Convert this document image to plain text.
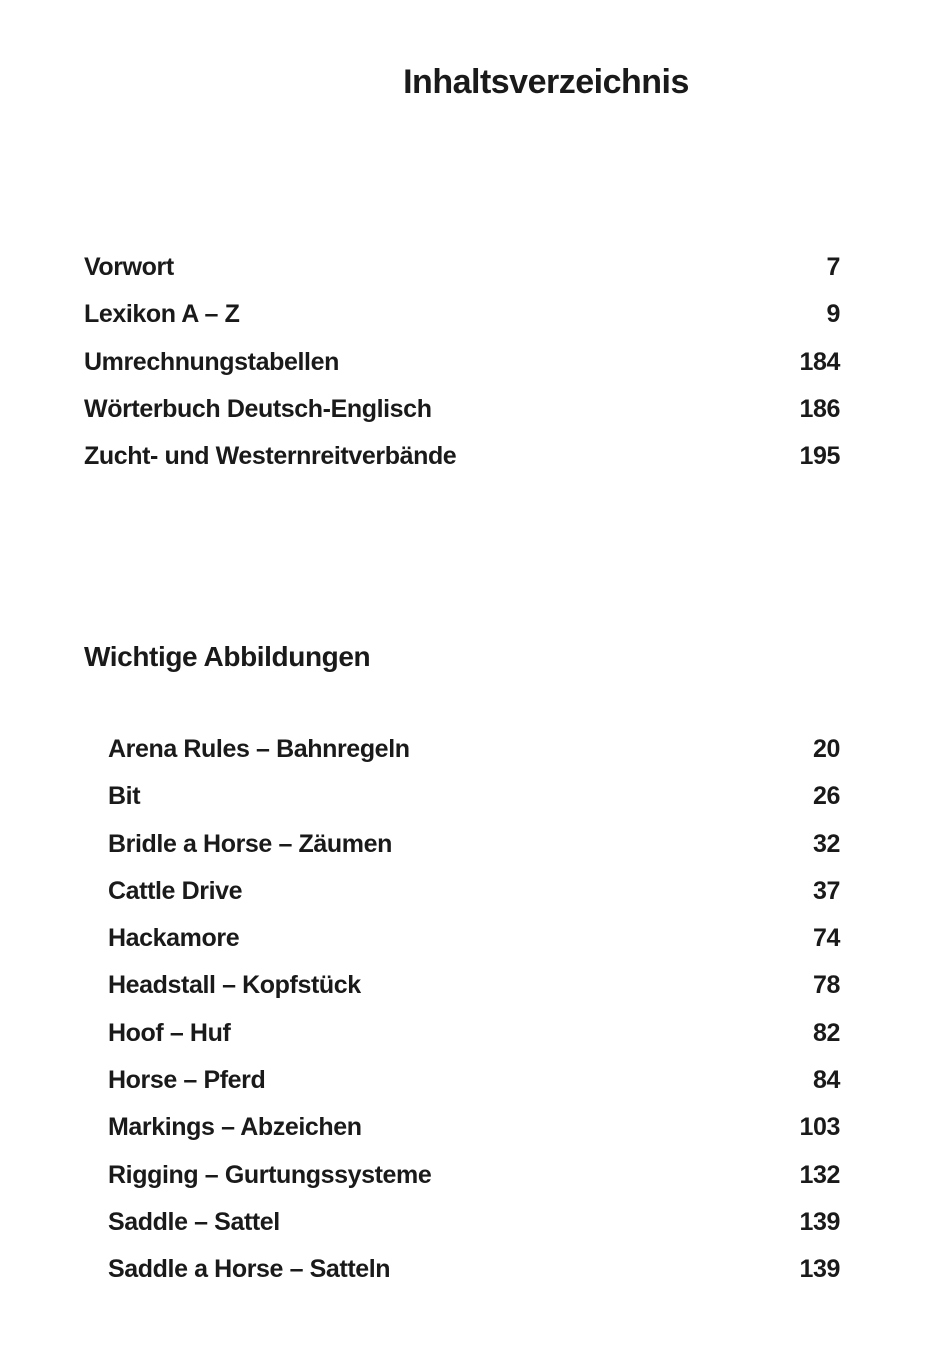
Inhaltsverzeichnis
Vorwort	7
Lexikon A – Z	9
Umrechnungstabellen	184
Wörterbuch Deutsch-Englisch	186
Zucht- und Westernreitverbände	195
Wichtige Abbildungen
Arena Rules – Bahnregeln	20
Bit	26
Bridle a Horse – Zäumen	32
Cattle Drive	37
Hackamore	74
Headstall – Kopfstück	78
Hoof – Huf	82
Horse – Pferd	84
Markings – Abzeichen	103
Rigging – Gurtungssysteme	132
Saddle – Sattel	139
Saddle a Horse – Satteln	139
